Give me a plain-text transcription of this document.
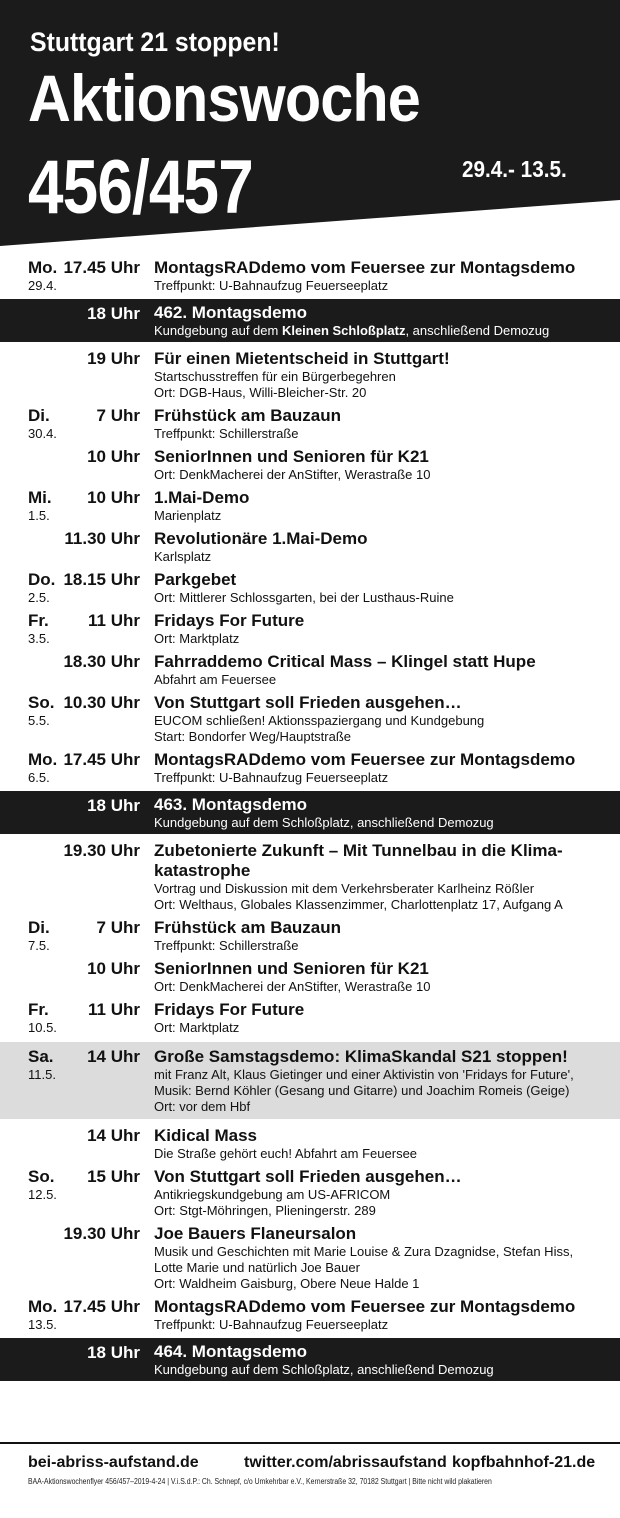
Stuttgart 21 stoppen!
Aktionswoche
456/457	29.4.- 13.5.
Mo.
29.4.
17.45 Uhr MontagsRADdemo vom Feuersee zur Montagsdemo
Treffpunkt: U-Bahnaufzug Feuerseeplatz
18 Uhr 462. Montagsdemo
Kundgebung auf dem Kleinen Schloßplatz, anschließend Demozug
19 Uhr Für einen Mietentscheid in Stuttgart!
Startschusstreffen für ein Bürgerbegehren
Ort: DGB-Haus, Willi-Bleicher-Str. 20
Di.
30.4.
7 Uhr Frühstück am Bauzaun
Treffpunkt: Schillerstraße
10 Uhr SeniorInnen und Senioren für K21
Ort: DenkMacherei der AnStifter, Werastraße 10
Mi.
1.5.
10 Uhr 1.Mai-Demo
Marienplatz
11.30 Uhr Revolutionäre 1.Mai-Demo
Karlsplatz
Do.
2.5.
18.15 Uhr Parkgebet
Ort: Mittlerer Schlossgarten, bei der Lusthaus-Ruine
Fr.
3.5.
11 Uhr Fridays For Future
Ort: Marktplatz
18.30 Uhr Fahrraddemo Critical Mass – Klingel statt Hupe
Abfahrt am Feuersee
So.
5.5.
10.30 Uhr Von Stuttgart soll Frieden ausgehen…
EUCOM schließen! Aktionsspaziergang und Kundgebung
Start: Bondorfer Weg/Hauptstraße
Mo.
6.5.
17.45 Uhr MontagsRADdemo vom Feuersee zur Montagsdemo
Treffpunkt: U-Bahnaufzug Feuerseeplatz
18 Uhr 463. Montagsdemo
Kundgebung auf dem Schloßplatz, anschließend Demozug
19.30 Uhr Zubetonierte Zukunft – Mit Tunnelbau in die Klima-katastrophe
Vortrag und Diskussion mit dem Verkehrsberater Karlheinz Rößler
Ort: Welthaus, Globales Klassenzimmer, Charlottenplatz 17, Aufgang A
Di.
7.5.
7 Uhr Frühstück am Bauzaun
Treffpunkt: Schillerstraße
10 Uhr SeniorInnen und Senioren für K21
Ort: DenkMacherei der AnStifter, Werastraße 10
Fr.
10.5.
11 Uhr Fridays For Future
Ort: Marktplatz
Sa.
11.5.
14 Uhr Große Samstagsdemo: KlimaSkandal S21 stoppen!
mit Franz Alt, Klaus Gietinger und einer Aktivistin von 'Fridays for Future',
Musik: Bernd Köhler (Gesang und Gitarre) und Joachim Romeis (Geige)
Ort: vor dem Hbf
14 Uhr Kidical Mass
Die Straße gehört euch! Abfahrt am Feuersee
So.
12.5.
15 Uhr Von Stuttgart soll Frieden ausgehen…
Antikriegskundgebung am US-AFRICOM
Ort: Stgt-Möhringen, Plieningerstr. 289
19.30 Uhr Joe Bauers Flaneursalon
Musik und Geschichten mit Marie Louise & Zura Dzagnidse, Stefan Hiss,
Lotte Marie und natürlich Joe Bauer
Ort: Waldheim Gaisburg, Obere Neue Halde 1
Mo.
13.5.
17.45 Uhr MontagsRADdemo vom Feuersee zur Montagsdemo
Treffpunkt: U-Bahnaufzug Feuerseeplatz
18 Uhr 464. Montagsdemo
Kundgebung auf dem Schloßplatz, anschließend Demozug
bei-abriss-aufstand.de	twitter.com/abrissaufstand kopfbahnhof-21.de
BAA-Aktionswochenflyer 456/457–2019-4-24 | V.i.S.d.P.: Ch. Schnepf, c/o Umkehrbar e.V., Kernerstraße 32, 70182 Stuttgart | Bitte nicht wild plakatieren
